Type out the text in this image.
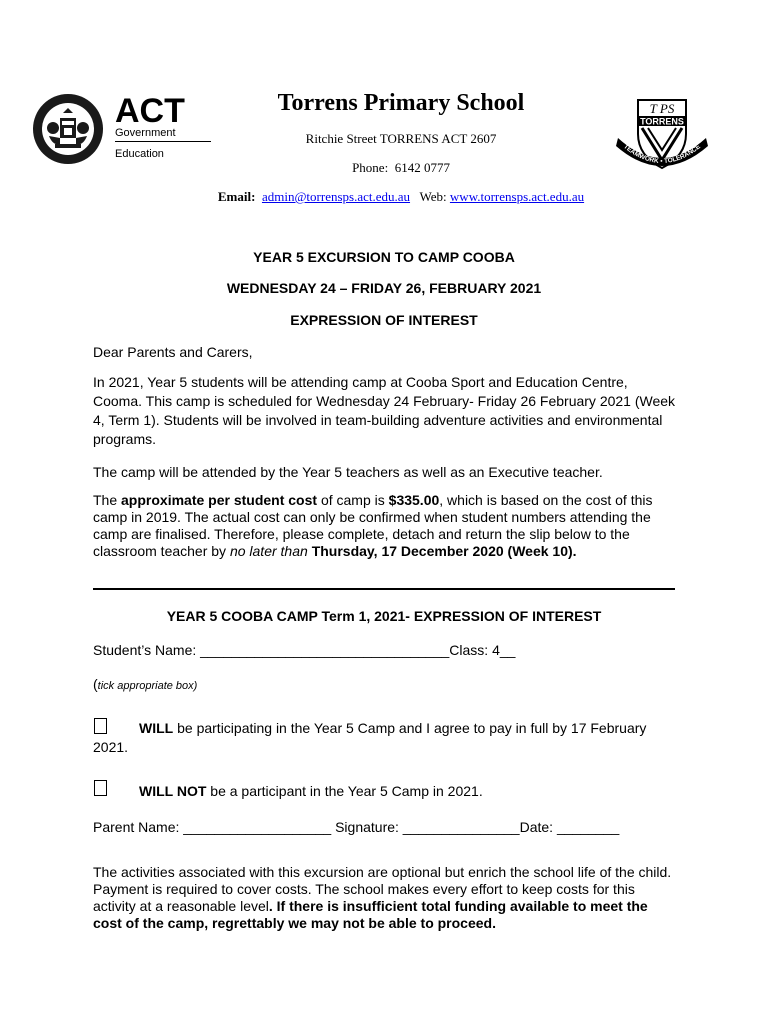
ACT
Government
Education
Torrens Primary School
Ritchie Street TORRENS ACT 2607
Phone: 6142 0777
Email: admin@torrensps.act.edu.au Web: www.torrensps.act.edu.au
T PS
TORRENS
TEAMWORK • TOLERANCE
YEAR 5 EXCURSION TO CAMP COOBA
WEDNESDAY 24 – FRIDAY 26, FEBRUARY 2021
EXPRESSION OF INTEREST
Dear Parents and Carers,
In 2021, Year 5 students will be attending camp at Cooba Sport and Education Centre, Cooma. This camp is scheduled for Wednesday 24 February- Friday 26 February 2021 (Week 4, Term 1). Students will be involved in team-building adventure activities and environmental programs.
The camp will be attended by the Year 5 teachers as well as an Executive teacher.
The approximate per student cost of camp is $335.00, which is based on the cost of this camp in 2019. The actual cost can only be confirmed when student numbers attending the camp are finalised. Therefore, please complete, detach and return the slip below to the classroom teacher by no later than Thursday, 17 December 2020 (Week 10).
YEAR 5 COOBA CAMP Term 1, 2021- EXPRESSION OF INTEREST
Student’s Name: ________________________________Class: 4__
(tick appropriate box)
WILL be participating in the Year 5 Camp and I agree to pay in full by 17 February 2021.
WILL NOT be a participant in the Year 5 Camp in 2021.
Parent Name: ___________________ Signature: _______________Date: ________
The activities associated with this excursion are optional but enrich the school life of the child. Payment is required to cover costs. The school makes every effort to keep costs for this activity at a reasonable level. If there is insufficient total funding available to meet the cost of the camp, regrettably we may not be able to proceed.
